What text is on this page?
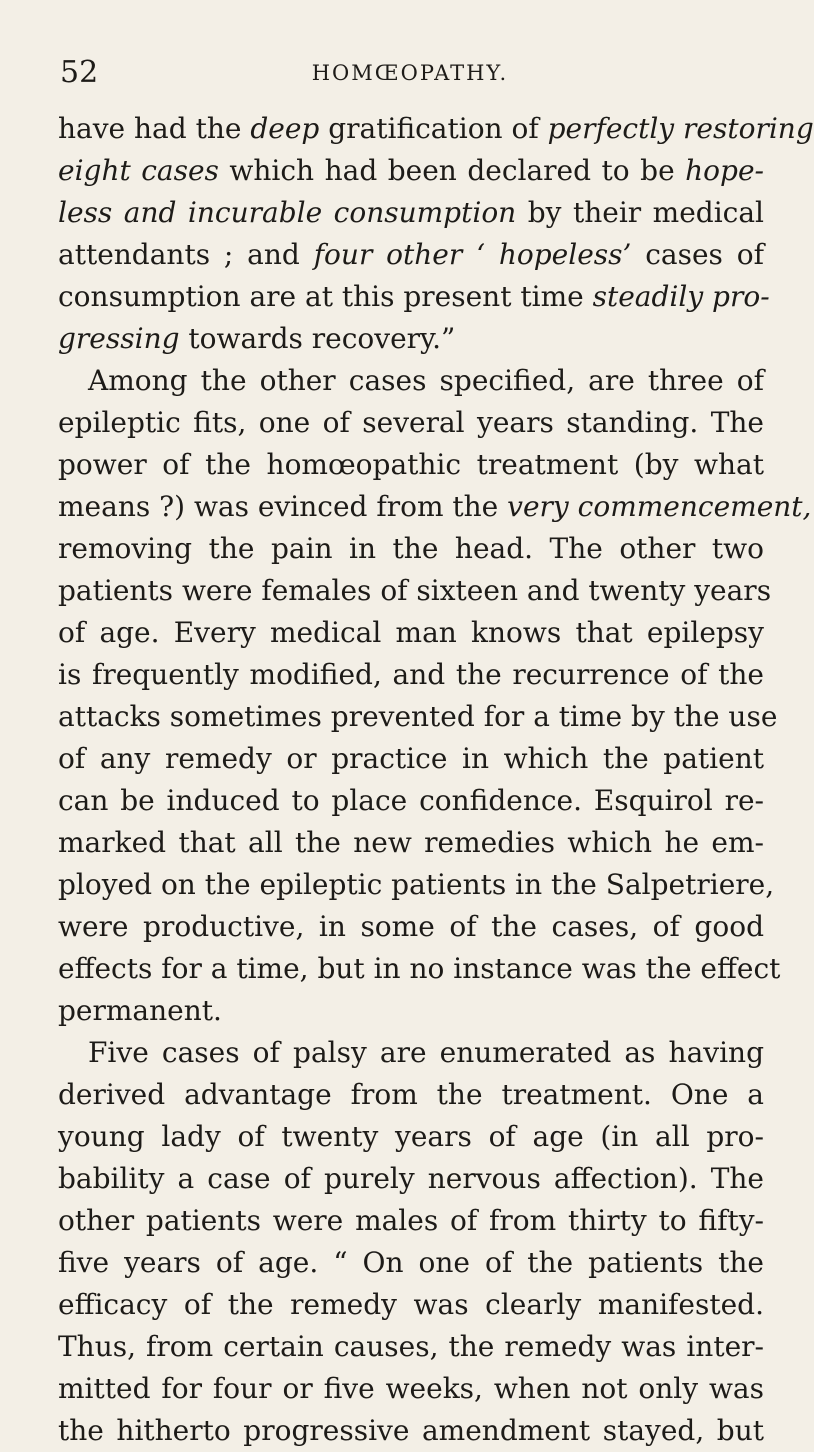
52	HOMŒOPATHY.
have had the deep gratification of perfectly restoring
eight cases which had been declared to be hope-
less and incurable consumption by their medical
attendants ; and four other ‘ hopeless’ cases of
consumption are at this present time steadily pro-
gressing towards recovery.”
Among the other cases specified, are three of
epileptic fits, one of several years standing. The
power of the homœopathic treatment (by what
means ?) was evinced from the very commencement,
removing the pain in the head. The other two
patients were females of sixteen and twenty years
of age. Every medical man knows that epilepsy
is frequently modified, and the recurrence of the
attacks sometimes prevented for a time by the use
of any remedy or practice in which the patient
can be induced to place confidence. Esquirol re-
marked that all the new remedies which he em-
ployed on the epileptic patients in the Salpetriere,
were productive, in some of the cases, of good
effects for a time, but in no instance was the effect
permanent.
Five cases of palsy are enumerated as having
derived advantage from the treatment. One a
young lady of twenty years of age (in all pro-
bability a case of purely nervous affection). The
other patients were males of from thirty to fifty-
five years of age. “ On one of the patients the
efficacy of the remedy was clearly manifested.
Thus, from certain causes, the remedy was inter-
mitted for four or five weeks, when not only was
the hitherto progressive amendment stayed, but
